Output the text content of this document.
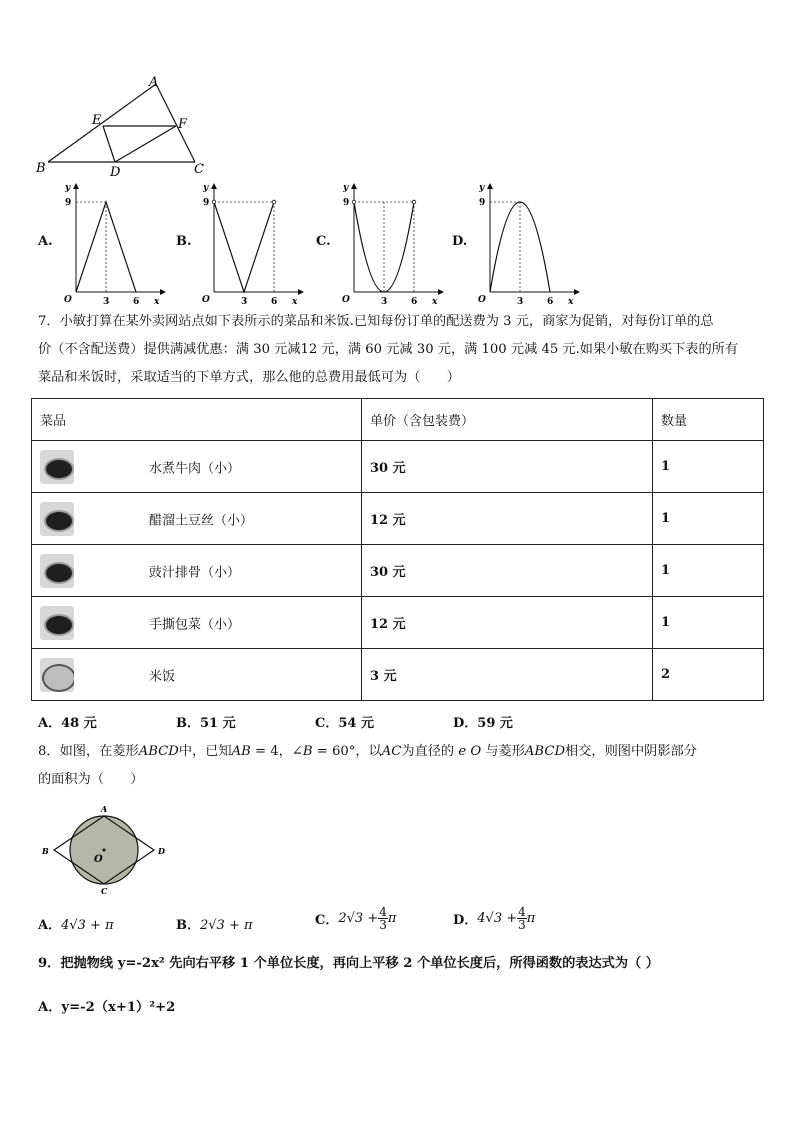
A
B	C
D
E	F
A.
y
x
9
3	6
O
B.
y
x
9
3	6
O
C.
y
x
9
3	6
O
D.
y
x
9
3	6
O
7．小敏打算在某外卖网站点如下表所示的菜品和米饭.已知每份订单的配送费为 3 元，商家为促销，对每份订单的总
价（不含配送费）提供满减优惠：满 30 元减12 元，满 60 元减 30 元，满 100 元减 45 元.如果小敏在购买下表的所有
菜品和米饭时，采取适当的下单方式，那么他的总费用最低可为（　　）
菜品	单价（含包装费）	数量

水煮牛肉（小）	30 元	1

醋溜土豆丝（小）	12 元	1

豉汁排骨（小）	30 元	1

手撕包菜（小）	12 元	1

米饭	3 元	2
A．48 元	B．51 元	C．54 元	D．59 元
8．如图，在菱形ABCD中，已知AB = 4，∠B = 60°，以AC为直径的 e O 与菱形ABCD相交，则图中阴影部分
的面积为（　　）
A
B
C
D
O
A．4√3 + π	B．2√3 + π	C．$2√3 + \frac{4}{3}$ π	D．$4√3 + \frac{4}{3}$ π
9．把抛物线 y=-2x² 先向右平移 1 个单位长度，再向上平移 2 个单位长度后，所得函数的表达式为（ ）
A．y=-2（x+1）²+2
